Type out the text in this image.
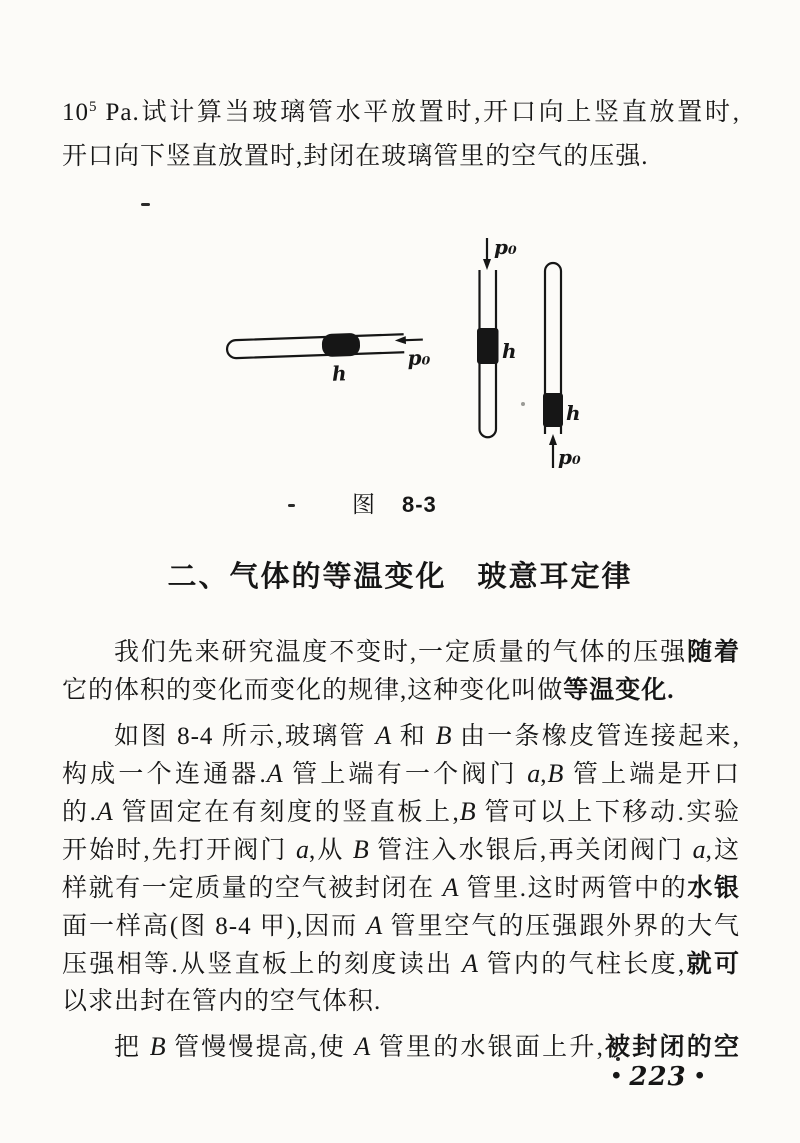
$10^5$ Pa.试计算当玻璃管水平放置时,开口向上竖直放置时,
开口向下竖直放置时,封闭在玻璃管里的空气的压强.
h
p₀	h
p₀
h
p₀
图 8-3
二、气体的等温变化　玻意耳定律
我们先来研究温度不变时,一定质量的气体的压强随着
它的体积的变化而变化的规律,这种变化叫做等温变化.
如图 8-4 所示,玻璃管 A 和 B 由一条橡皮管连接起来,
构成一个连通器.A 管上端有一个阀门 a,B 管上端是开口
的.A 管固定在有刻度的竖直板上,B 管可以上下移动.实验
开始时,先打开阀门 a,从 B 管注入水银后,再关闭阀门 a,这
样就有一定质量的空气被封闭在 A 管里.这时两管中的水银
面一样高(图 8-4 甲),因而 A 管里空气的压强跟外界的大气
压强相等.从竖直板上的刻度读出 A 管内的气柱长度,就可
以求出封在管内的空气体积.
把 B 管慢慢提高,使 A 管里的水银面上升,被封闭的空
• 223 •
